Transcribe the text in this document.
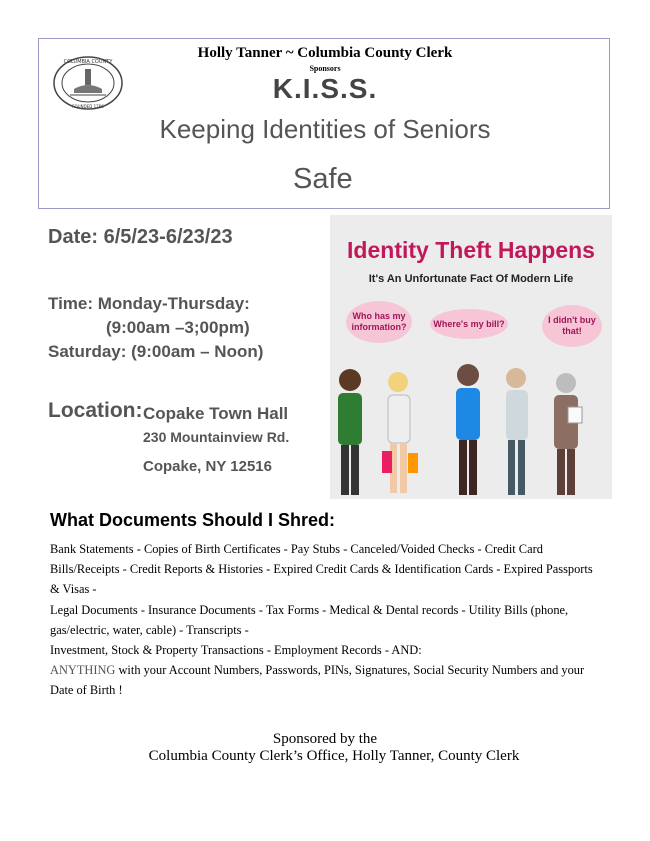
COLUMBIA COUNTY
FOUNDED 1786
Holly Tanner ~ Columbia County Clerk
Sponsors
K.I.S.S.
Keeping Identities of Seniors
Safe
Date: 6/5/23-6/23/23
Time: Monday-Thursday:
(9:00am –3;00pm)
Saturday: (9:00am – Noon)
Location: Copake Town Hall
230 Mountainview Rd.
Copake, NY 12516
Identity Theft Happens
It's An Unfortunate Fact Of Modern Life
Who has my information?	Where's my bill?	I didn't buy that!
What Documents Should I Shred:

Bank Statements - Copies of Birth Certificates - Pay Stubs - Canceled/Voided Checks - Credit Card Bills/Receipts - Credit Reports & Histories - Expired Credit Cards & Identification Cards - Expired Passports & Visas -

Legal Documents - Insurance Documents - Tax Forms - Medical & Dental records - Utility Bills (phone, gas/electric, water, cable) - Transcripts -

Investment, Stock & Property Transactions - Employment Records - AND:

ANYTHING with your Account Numbers, Passwords, PINs, Signatures, Social Security Numbers and your Date of Birth !

Sponsored by the
Columbia County Clerk’s Office, Holly Tanner, County Clerk
